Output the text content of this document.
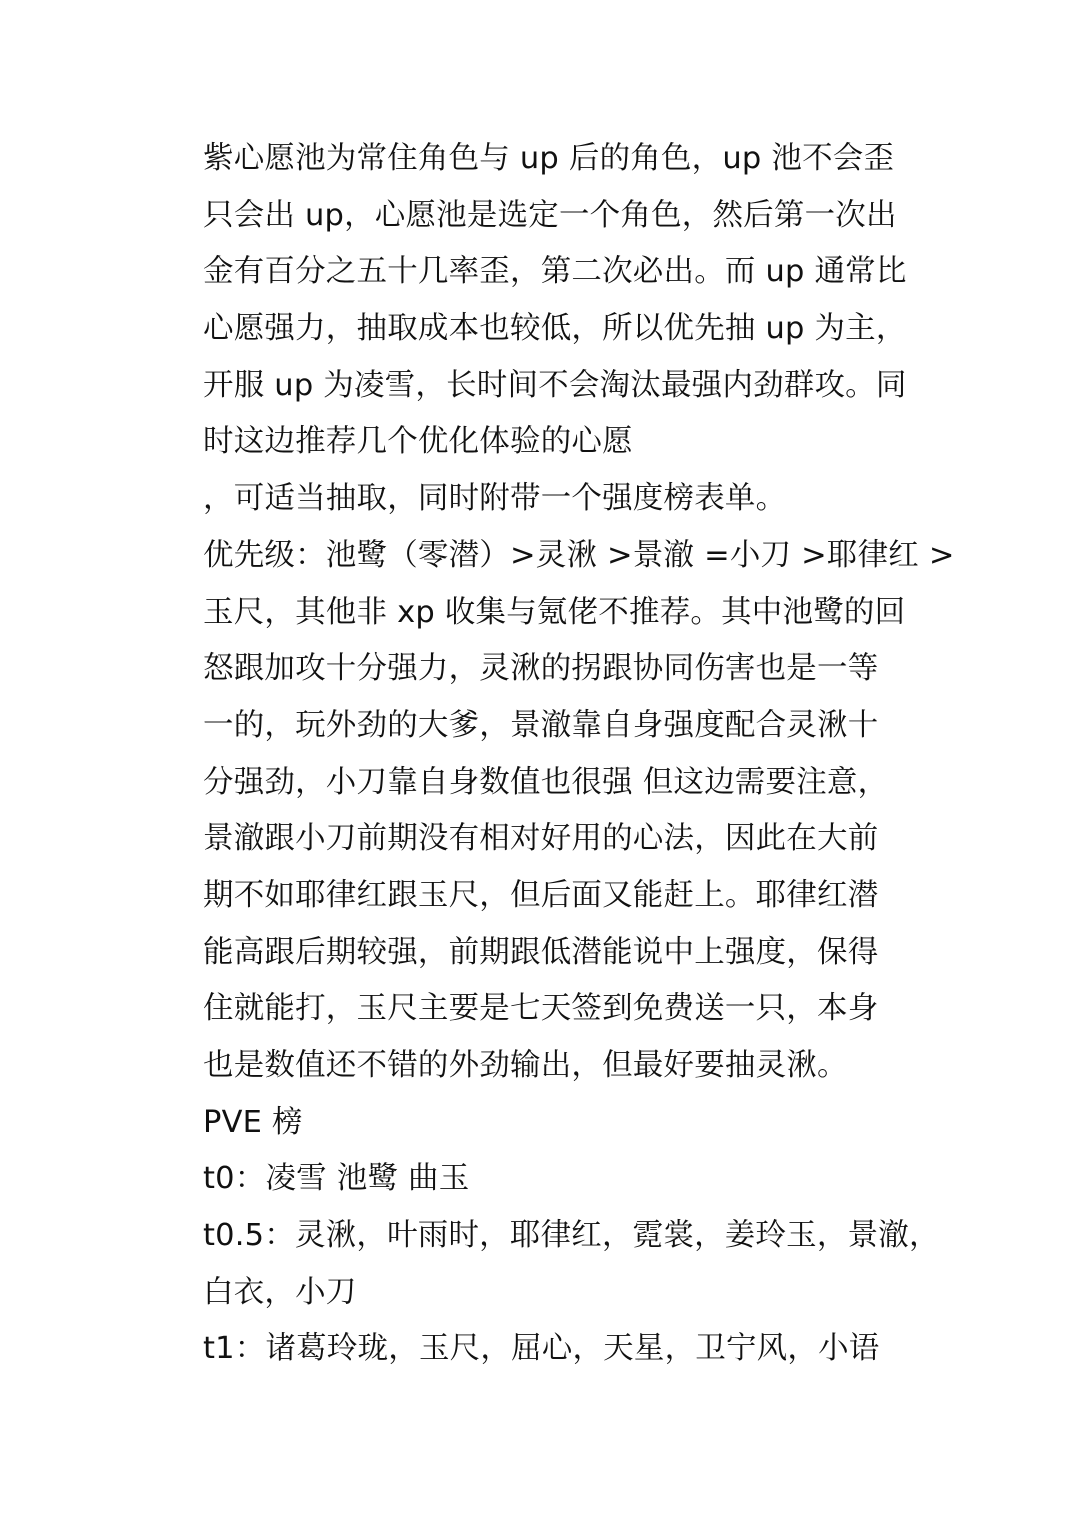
紫心愿池为常住角色与 up 后的角色，up 池不会歪
只会出 up，心愿池是选定一个角色，然后第一次出
金有百分之五十几率歪，第二次必出。而 up 通常比
心愿强力，抽取成本也较低，所以优先抽 up 为主，
开服 up 为凌雪，长时间不会淘汰最强内劲群攻。同
时这边推荐几个优化体验的心愿
，可适当抽取，同时附带一个强度榜表单。
优先级：池鹭（零潜）>灵湫 >景澈 =小刀 >耶律红 >
玉尺，其他非 xp 收集与氪佬不推荐。其中池鹭的回
怒跟加攻十分强力，灵湫的拐跟协同伤害也是一等
一的，玩外劲的大爹，景澈靠自身强度配合灵湫十
分强劲，小刀靠自身数值也很强 但这边需要注意，
景澈跟小刀前期没有相对好用的心法，因此在大前
期不如耶律红跟玉尺，但后面又能赶上。耶律红潜
能高跟后期较强，前期跟低潜能说中上强度，保得
住就能打，玉尺主要是七天签到免费送一只，本身
也是数值还不错的外劲输出，但最好要抽灵湫。
PVE 榜
t0：凌雪 池鹭 曲玉
t0.5：灵湫，叶雨时，耶律红，霓裳，姜玲玉，景澈，
白衣，小刀
t1：诸葛玲珑，玉尺，屈心，天星，卫宁风，小语
